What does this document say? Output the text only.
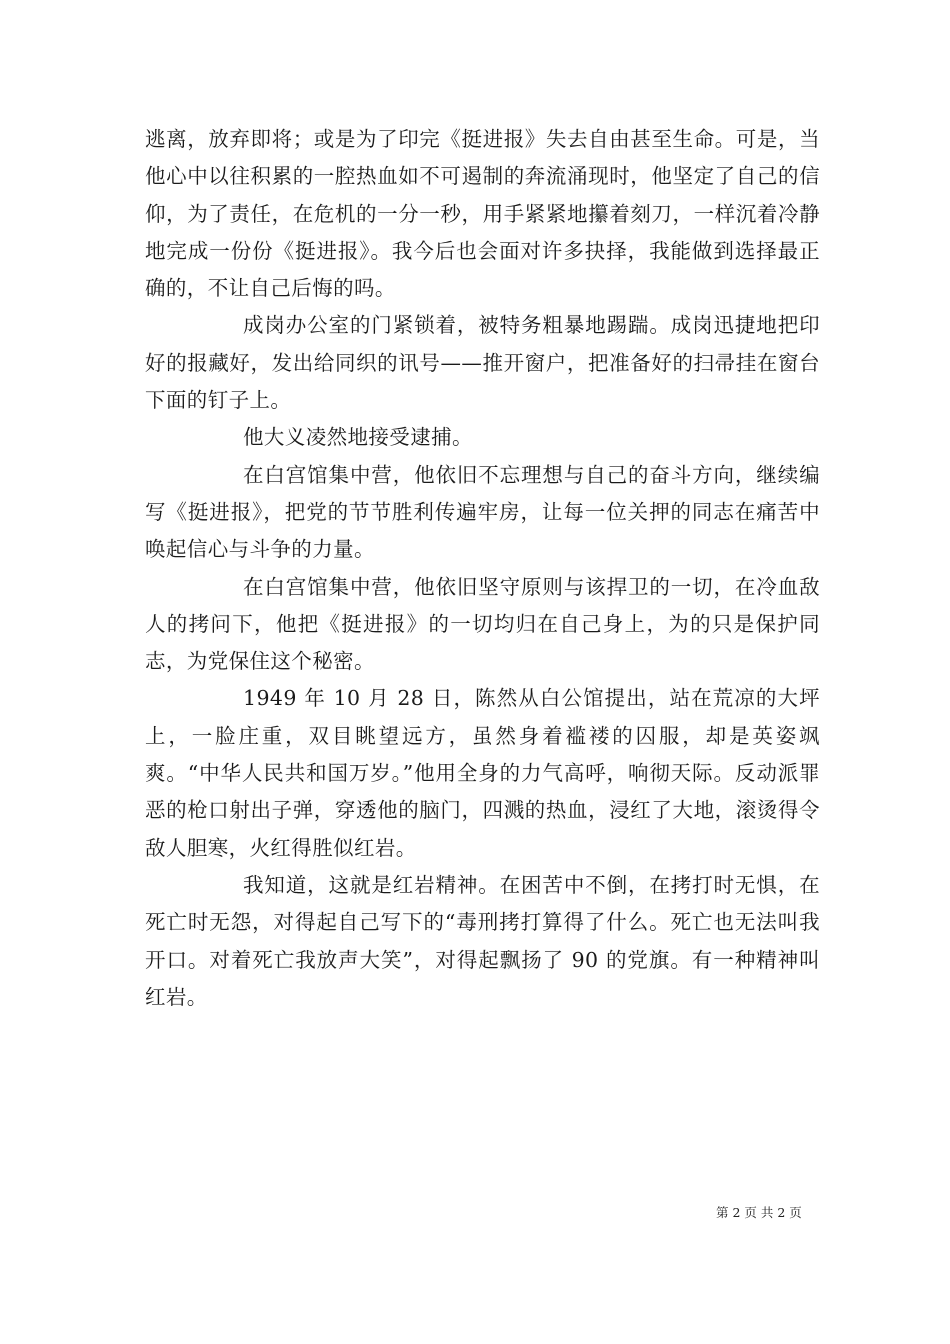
逃离，放弃即将；或是为了印完《挺进报》失去自由甚至生命。可是，当他心中以往积累的一腔热血如不可遏制的奔流涌现时，他坚定了自己的信仰，为了责任，在危机的一分一秒，用手紧紧地攥着刻刀，一样沉着冷静地完成一份份《挺进报》。我今后也会面对许多抉择，我能做到选择最正确的，不让自己后悔的吗。

成岗办公室的门紧锁着，被特务粗暴地踢踹。成岗迅捷地把印好的报藏好，发出给同织的讯号——推开窗户，把准备好的扫帚挂在窗台下面的钉子上。

他大义凌然地接受逮捕。

在白宫馆集中营，他依旧不忘理想与自己的奋斗方向，继续编写《挺进报》，把党的节节胜利传遍牢房，让每一位关押的同志在痛苦中唤起信心与斗争的力量。

在白宫馆集中营，他依旧坚守原则与该捍卫的一切，在冷血敌人的拷问下，他把《挺进报》的一切均归在自己身上，为的只是保护同志，为党保住这个秘密。

1949 年 10 月 28 日，陈然从白公馆提出，站在荒凉的大坪上，一脸庄重，双目眺望远方，虽然身着褴褛的囚服，却是英姿飒爽。“中华人民共和国万岁。”他用全身的力气高呼，响彻天际。反动派罪恶的枪口射出子弹，穿透他的脑门，四溅的热血，浸红了大地，滚烫得令敌人胆寒，火红得胜似红岩。

我知道，这就是红岩精神。在困苦中不倒，在拷打时无惧，在死亡时无怨，对得起自己写下的“毒刑拷打算得了什么。死亡也无法叫我开口。对着死亡我放声大笑”，对得起飘扬了 90 的党旗。有一种精神叫红岩。

第 2 页 共 2 页
